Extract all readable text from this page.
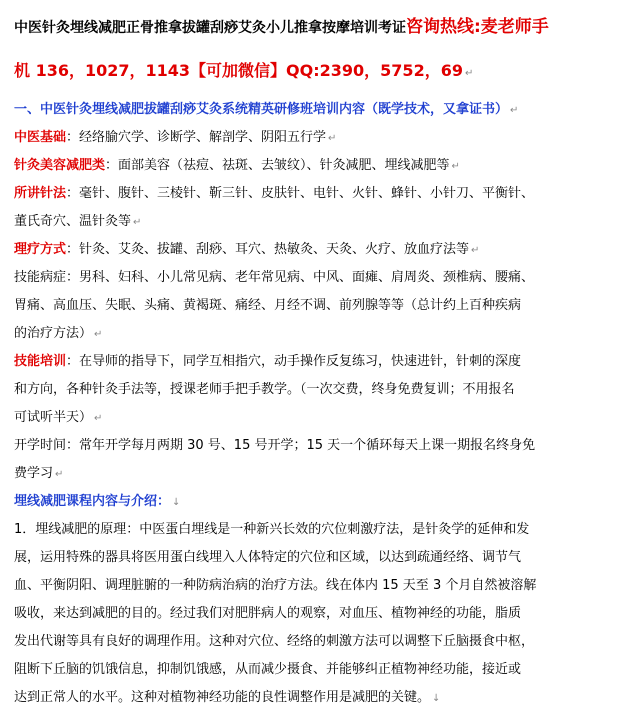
中医针灸埋线减肥正骨推拿拔罐刮痧艾灸小儿推拿按摩培训考证咨询热线:麦老师手
机 136，1027，1143【可加微信】QQ:2390，5752，69 ↵
一、中医针灸埋线减肥拔罐刮痧艾灸系统精英研修班培训内容（既学技术，又拿证书） ↵
中医基础：经络腧穴学、诊断学、解剖学、阴阳五行学 ↵
针灸美容减肥类：面部美容（祛痘、祛斑、去皱纹）、针灸减肥、埋线减肥等 ↵
所讲针法：毫针、腹针、三棱针、靳三针、皮肤针、电针、火针、蜂针、小针刀、平衡针、
董氏奇穴、温针灸等 ↵
理疗方式：针灸、艾灸、拔罐、刮痧、耳穴、热敏灸、天灸、火疗、放血疗法等 ↵
技能病症：男科、妇科、小儿常见病、老年常见病、中风、面瘫、肩周炎、颈椎病、腰痛、
胃痛、高血压、失眠、头痛、黄褐斑、痛经、月经不调、前列腺等等（总计约上百种疾病
的治疗方法） ↵
技能培训：在导师的指导下，同学互相指穴，动手操作反复练习，快速进针，针刺的深度
和方向，各种针灸手法等，授课老师手把手教学。（一次交费，终身免费复训；不用报名
可试听半天） ↵
开学时间：常年开学每月两期 30 号、15 号开学；15 天一个循环每天上课一期报名终身免
费学习 ↵
埋线减肥课程内容与介绍： ↓
1．埋线减肥的原理：中医蛋白埋线是一种新兴长效的穴位刺激疗法，是针灸学的延伸和发
展，运用特殊的器具将医用蛋白线埋入人体特定的穴位和区域，以达到疏通经络、调节气
血、平衡阴阳、调理脏腑的一种防病治病的治疗方法。线在体内 15 天至 3 个月自然被溶解
吸收，来达到减肥的目的。经过我们对肥胖病人的观察，对血压、植物神经的功能，脂质
发出代谢等具有良好的调理作用。这种对穴位、经络的刺激方法可以调整下丘脑摄食中枢，
阻断下丘脑的饥饿信息，抑制饥饿感，从而减少摄食、并能够纠正植物神经功能，接近或
达到正常人的水平。这种对植物神经功能的良性调整作用是减肥的关键。 ↓
